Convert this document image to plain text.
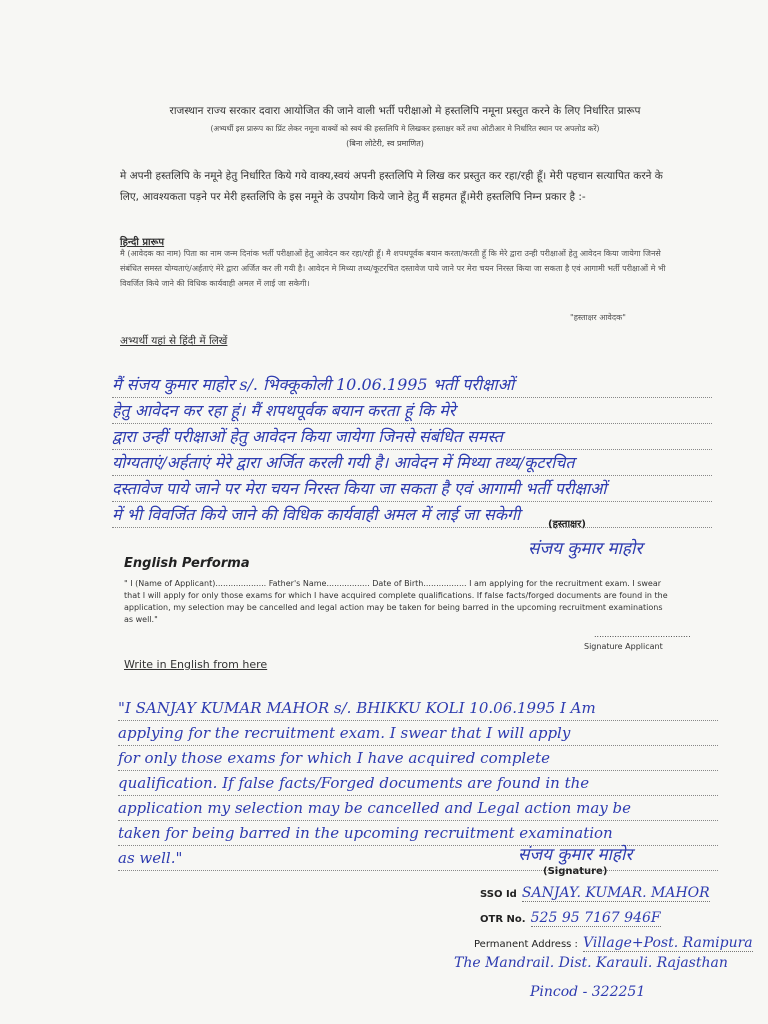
राजस्थान राज्य सरकार दवारा आयोजित की जाने वाली भर्ती परीक्षाओ मे हस्तलिपि नमूना प्रस्तुत करने के लिए निर्धारित प्रारूप
(अभ्यर्थी इस प्रारूप का प्रिंट लेकर नमूना वाक्यों को स्वयं की हस्तलिपि मे लिखकर हस्ताक्षर करें तथा ओटीआर मे निर्धारित स्थान पर अपलोड करें)
(बिना लोटेरी, स्व प्रमाणित)
मे अपनी हस्तलिपि के नमूने हेतु निर्धारित किये गये वाक्य,स्वयं अपनी हस्तलिपि मे लिख कर प्रस्तुत कर रहा/रही हूँ। मेरी पहचान सत्यापित करने के लिए, आवश्यकता पड़ने पर मेरी हस्तलिपि के इस नमूने के उपयोग किये जाने हेतु मैं सहमत हूँ।मेरी हस्तलिपि निम्न प्रकार है :-
हिन्दी प्रारूप
मै (आवेदक का नाम) पिता का नाम जन्म दिनांक भर्ती परीक्षाओं हेतु आवेदन कर रहा/रही हूँ। मै शपथपूर्वक बयान करता/करती हूँ कि मेरे द्वारा उन्ही परीक्षाओं हेतु आवेदन किया जायेगा जिनसे संबंधित समस्त योग्यताएं/अर्हताएं मेरे द्वारा अर्जित कर ली गयी है। आवेदन मे मिथ्या तथ्य/कूटरचित दस्तावेज पाये जाने पर मेरा चयन निरस्त किया जा सकता है एवं आगामी भर्ती परीक्षाओं मे भी विवर्जित किये जाने की विधिक कार्यवाही अमल में लाई जा सकेगी।
"हस्ताक्षर आवेदक"
अभ्यर्थी यहां से हिंदी में लिखें
मैं संजय कुमार माहोर s/. भिक्कूकोली 10.06.1995 भर्ती परीक्षाओं
हेतु आवेदन कर रहा हूं। मैं शपथपूर्वक बयान करता हूं कि मेरे
द्वारा उन्हीं परीक्षाओं हेतु आवेदन किया जायेगा जिनसे संबंधित समस्त
योग्यताएं/अर्हताएं मेरे द्वारा अर्जित करली गयी है। आवेदन में मिथ्या तथ्य/कूटरचित
दस्तावेज पाये जाने पर मेरा चयन निरस्त किया जा सकता है एवं आगामी भर्ती परीक्षाओं
में भी विवर्जित किये जाने की विधिक कार्यवाही अमल में लाई जा सकेगी
(हस्ताक्षर)
संजय कुमार माहोर
English Performa
" I (Name of Applicant).................... Father's Name................. Date of Birth................. I am applying for the recruitment exam. I swear that I will apply for only those exams for which I have acquired complete qualifications. If false facts/forged documents are found in the application, my selection may be cancelled and legal action may be taken for being barred in the upcoming recruitment examinations as well."
......................................
Signature Applicant
Write in English from here
"I SANJAY KUMAR MAHOR s/. BHIKKU KOLI 10.06.1995 I Am
applying for the recruitment exam. I swear that I will apply
for only those exams for which I have acquired complete
qualification. If false facts/Forged documents are found in the
application my selection may be cancelled and Legal action may be
taken for being barred in the upcoming recruitment examination
as well."	संजय कुमार माहोर
(Signature)
SSO Id SANJAY. KUMAR. MAHOR
OTR No. 525 95 7167 946F
Permanent Address : Village+Post. Ramipura
The Mandrail. Dist. Karauli. Rajasthan
Pincod - 322251
